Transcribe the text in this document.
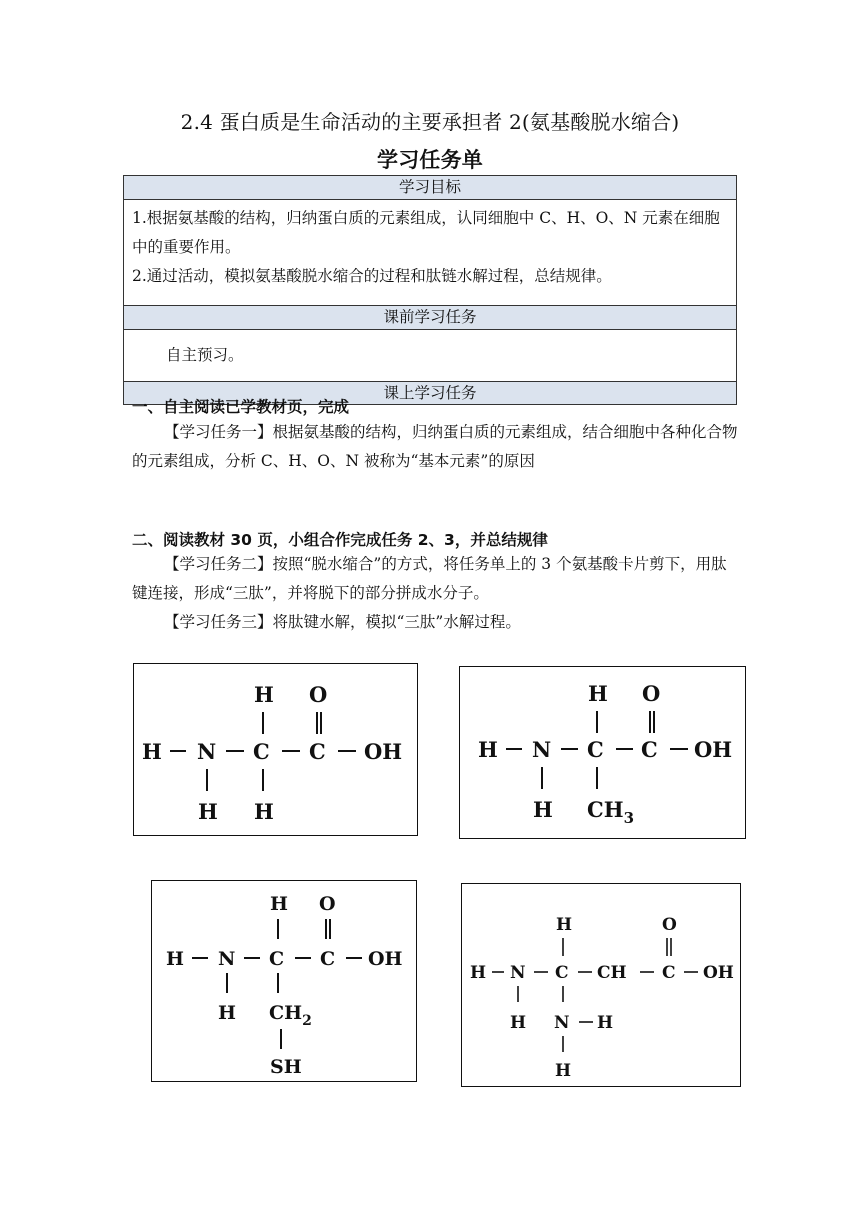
2.4 蛋白质是生命活动的主要承担者 2(氨基酸脱水缩合)
学习任务单
学习目标
1.根据氨基酸的结构，归纳蛋白质的元素组成，认同细胞中 C、H、O、N 元素在细胞中的重要作用。
2.通过活动，模拟氨基酸脱水缩合的过程和肽链水解过程，总结规律。
课前学习任务
自主预习。
课上学习任务
一、自主阅读已学教材页，完成
【学习任务一】根据氨基酸的结构，归纳蛋白质的元素组成，结合细胞中各种化合物的元素组成，分析 C、H、O、N 被称为“基本元素”的原因
二、阅读教材 30 页，小组合作完成任务 2、3，并总结规律
【学习任务二】按照“脱水缩合”的方式，将任务单上的 3 个氨基酸卡片剪下，用肽键连接，形成“三肽”，并将脱下的部分拼成水分子。
【学习任务三】将肽键水解，模拟“三肽”水解过程。
H O
H N C C OH
H H
H O
H N C C OH
H $CH_3$
H O
H N C C OH
H $CH_2$
SH
H	O
H N C CH C OH
H N H
H
